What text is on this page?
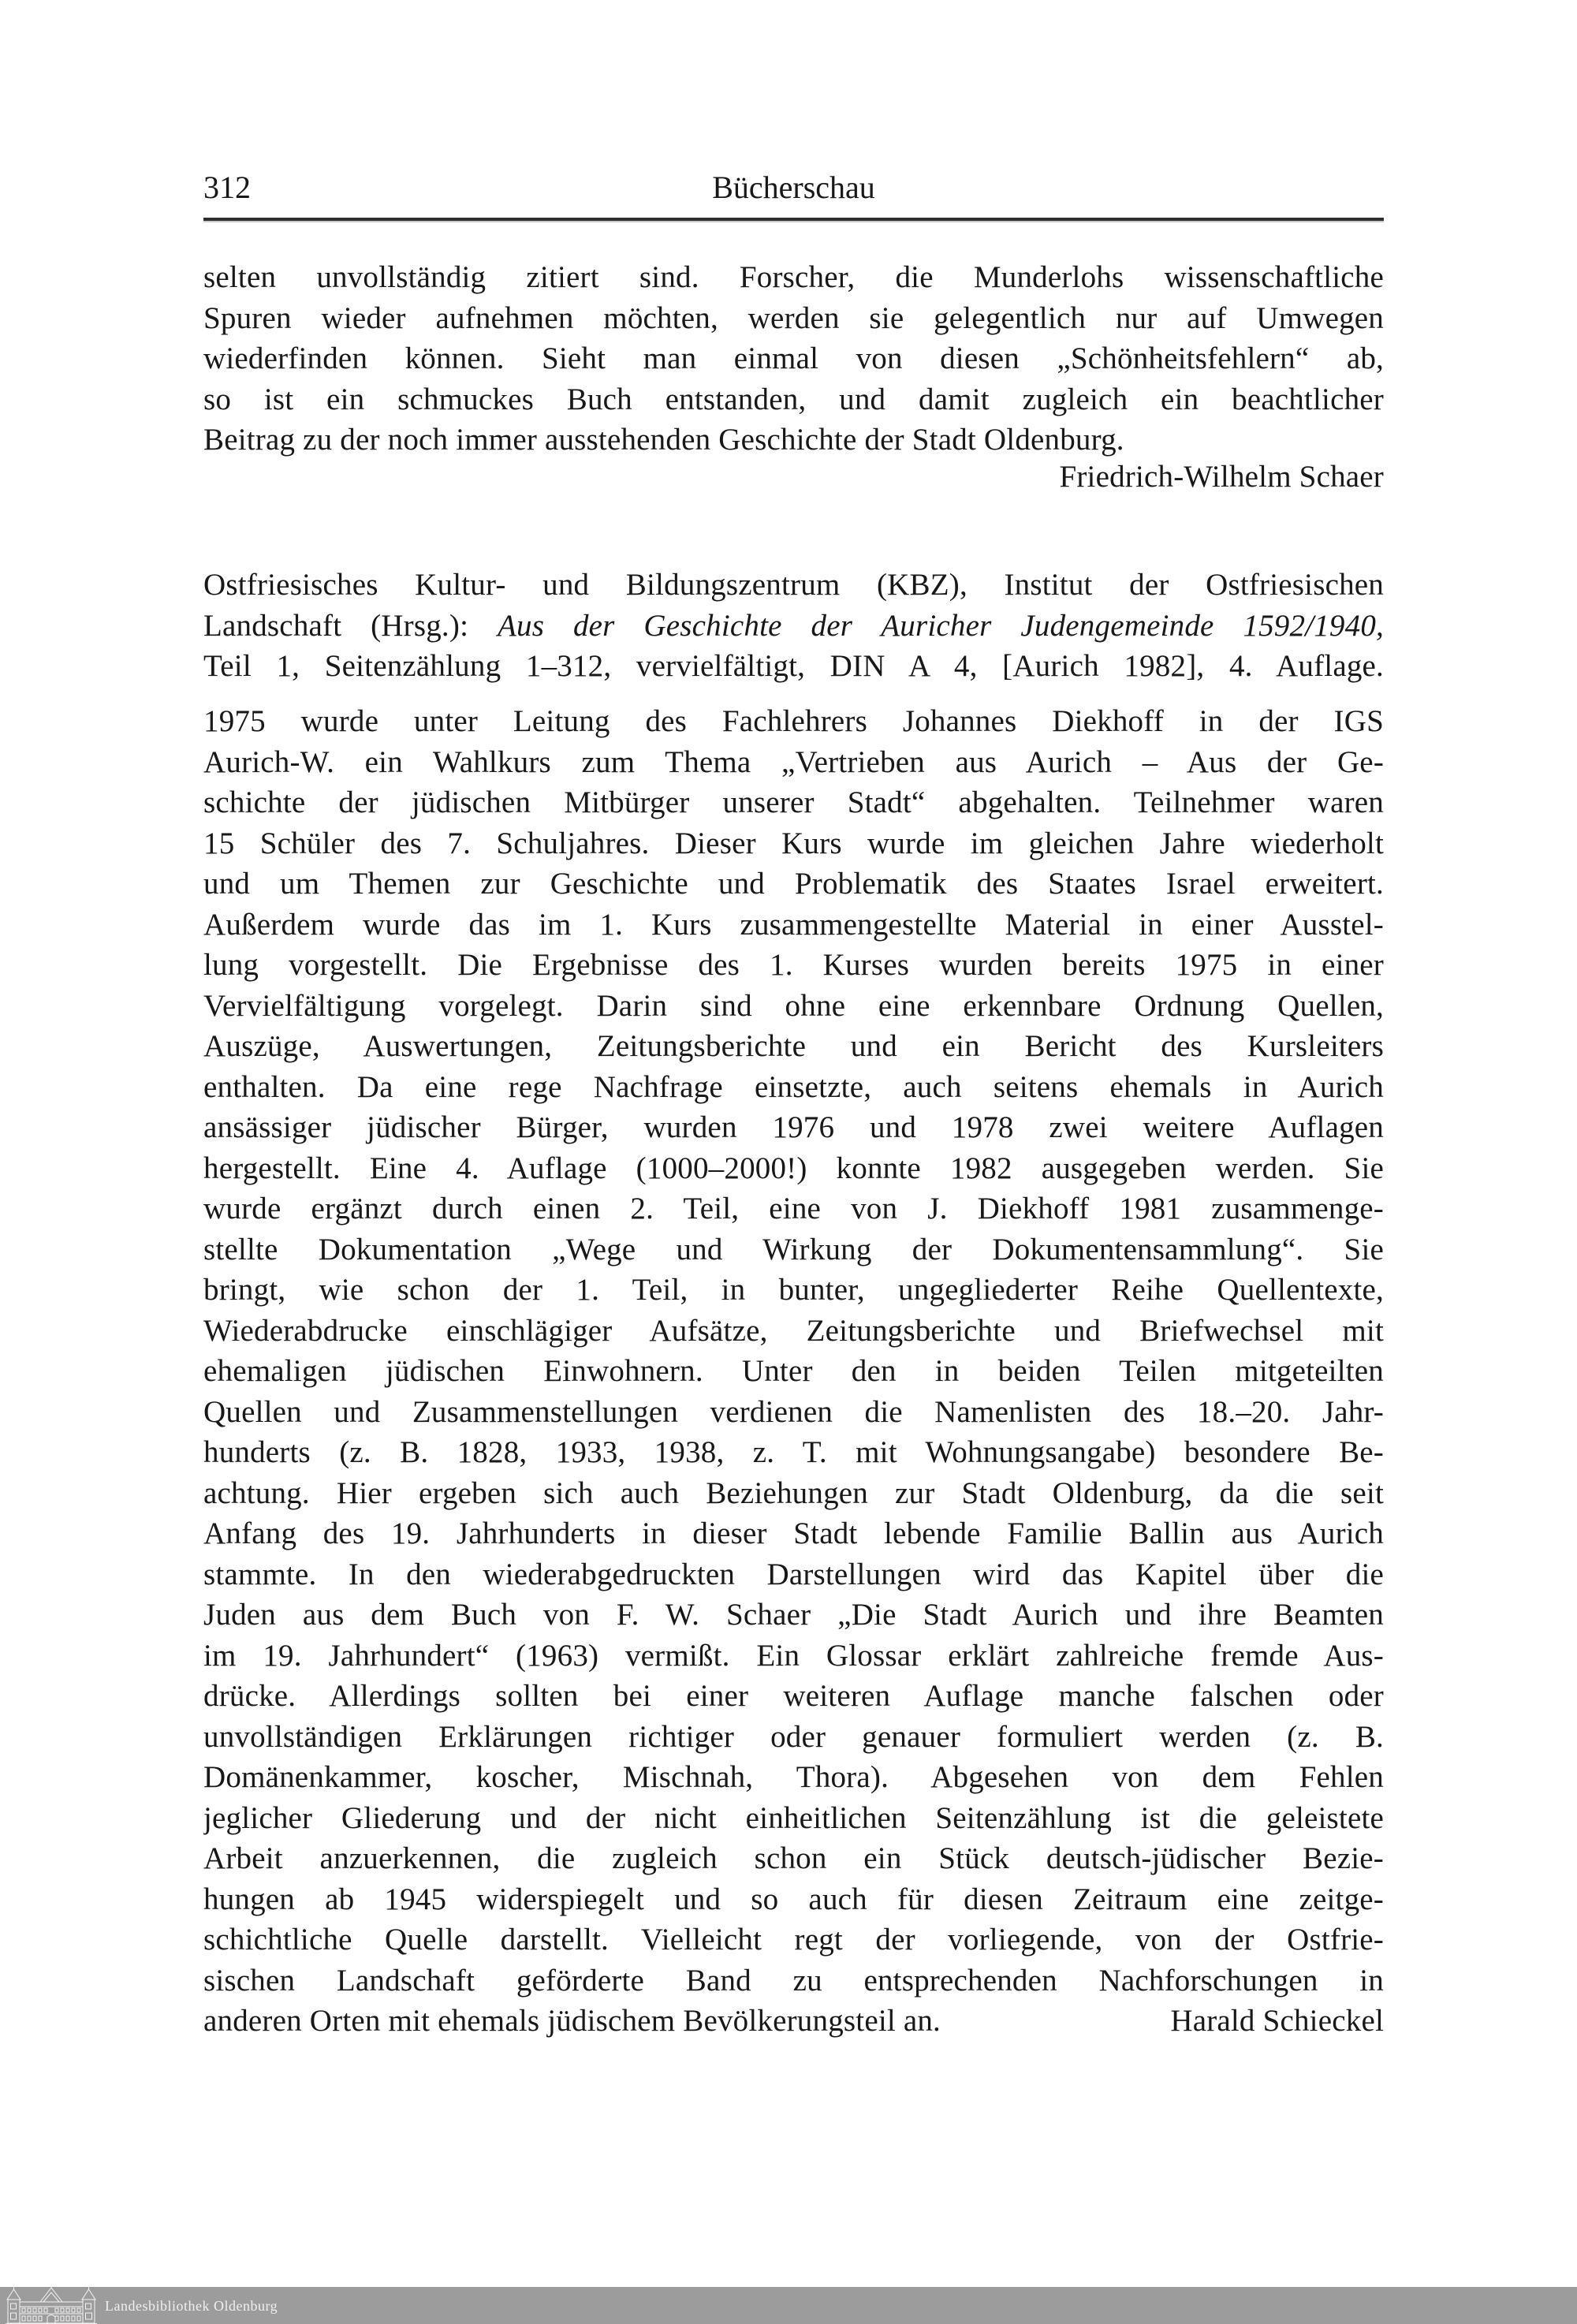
312	Bücherschau
selten unvollständig zitiert sind. Forscher, die Munderlohs wissenschaftliche
Spuren wieder aufnehmen möchten, werden sie gelegentlich nur auf Umwegen
wiederfinden können. Sieht man einmal von diesen „Schönheitsfehlern“ ab,
so ist ein schmuckes Buch entstanden, und damit zugleich ein beachtlicher
Beitrag zu der noch immer ausstehenden Geschichte der Stadt Oldenburg.
Friedrich-Wilhelm Schaer
Ostfriesisches Kultur- und Bildungszentrum (KBZ), Institut der Ostfriesischen
Landschaft (Hrsg.): Aus der Geschichte der Auricher Judengemeinde 1592/1940,
Teil 1, Seitenzählung 1–312, vervielfältigt, DIN A 4, [Aurich 1982], 4. Auflage.
1975 wurde unter Leitung des Fachlehrers Johannes Diekhoff in der IGS
Aurich-W. ein Wahlkurs zum Thema „Vertrieben aus Aurich – Aus der Ge-
schichte der jüdischen Mitbürger unserer Stadt“ abgehalten. Teilnehmer waren
15 Schüler des 7. Schuljahres. Dieser Kurs wurde im gleichen Jahre wiederholt
und um Themen zur Geschichte und Problematik des Staates Israel erweitert.
Außerdem wurde das im 1. Kurs zusammengestellte Material in einer Ausstel-
lung vorgestellt. Die Ergebnisse des 1. Kurses wurden bereits 1975 in einer
Vervielfältigung vorgelegt. Darin sind ohne eine erkennbare Ordnung Quellen,
Auszüge, Auswertungen, Zeitungsberichte und ein Bericht des Kursleiters
enthalten. Da eine rege Nachfrage einsetzte, auch seitens ehemals in Aurich
ansässiger jüdischer Bürger, wurden 1976 und 1978 zwei weitere Auflagen
hergestellt. Eine 4. Auflage (1000–2000!) konnte 1982 ausgegeben werden. Sie
wurde ergänzt durch einen 2. Teil, eine von J. Diekhoff 1981 zusammenge-
stellte Dokumentation „Wege und Wirkung der Dokumentensammlung“. Sie
bringt, wie schon der 1. Teil, in bunter, ungegliederter Reihe Quellentexte,
Wiederabdrucke einschlägiger Aufsätze, Zeitungsberichte und Briefwechsel mit
ehemaligen jüdischen Einwohnern. Unter den in beiden Teilen mitgeteilten
Quellen und Zusammenstellungen verdienen die Namenlisten des 18.–20. Jahr-
hunderts (z. B. 1828, 1933, 1938, z. T. mit Wohnungsangabe) besondere Be-
achtung. Hier ergeben sich auch Beziehungen zur Stadt Oldenburg, da die seit
Anfang des 19. Jahrhunderts in dieser Stadt lebende Familie Ballin aus Aurich
stammte. In den wiederabgedruckten Darstellungen wird das Kapitel über die
Juden aus dem Buch von F. W. Schaer „Die Stadt Aurich und ihre Beamten
im 19. Jahrhundert“ (1963) vermißt. Ein Glossar erklärt zahlreiche fremde Aus-
drücke. Allerdings sollten bei einer weiteren Auflage manche falschen oder
unvollständigen Erklärungen richtiger oder genauer formuliert werden (z. B.
Domänenkammer, koscher, Mischnah, Thora). Abgesehen von dem Fehlen
jeglicher Gliederung und der nicht einheitlichen Seitenzählung ist die geleistete
Arbeit anzuerkennen, die zugleich schon ein Stück deutsch-jüdischer Bezie-
hungen ab 1945 widerspiegelt und so auch für diesen Zeitraum eine zeitge-
schichtliche Quelle darstellt. Vielleicht regt der vorliegende, von der Ostfrie-
sischen Landschaft geförderte Band zu entsprechenden Nachforschungen in
anderen Orten mit ehemals jüdischem Bevölkerungsteil an.	Harald Schieckel
Landesbibliothek Oldenburg
